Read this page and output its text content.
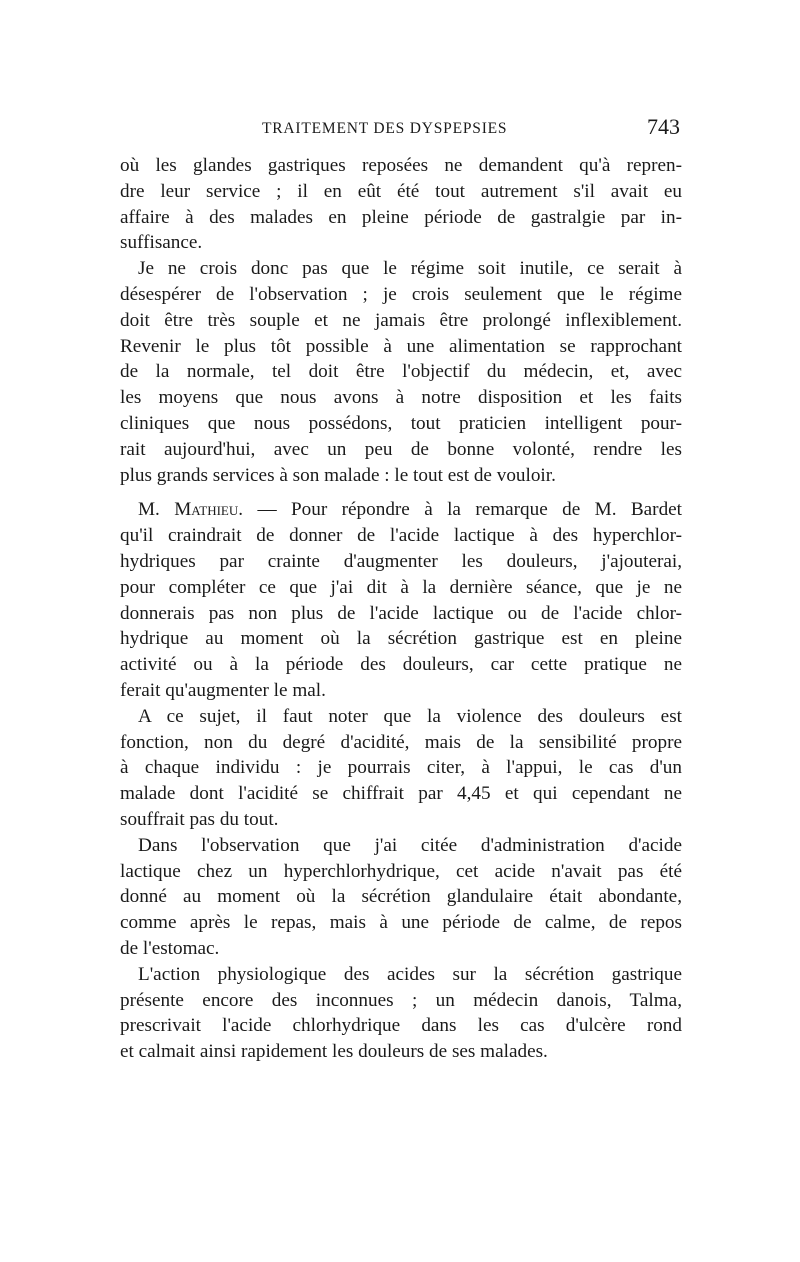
TRAITEMENT DES DYSPEPSIES	743
où les glandes gastriques reposées ne demandent qu'à repren-
dre leur service ; il en eût été tout autrement s'il avait eu
affaire à des malades en pleine période de gastralgie par in-
suffisance.
Je ne crois donc pas que le régime soit inutile, ce serait à
désespérer de l'observation ; je crois seulement que le régime
doit être très souple et ne jamais être prolongé inflexiblement.
Revenir le plus tôt possible à une alimentation se rapprochant
de la normale, tel doit être l'objectif du médecin, et, avec
les moyens que nous avons à notre disposition et les faits
cliniques que nous possédons, tout praticien intelligent pour-
rait aujourd'hui, avec un peu de bonne volonté, rendre les
plus grands services à son malade : le tout est de vouloir.
M. Mathieu. — Pour répondre à la remarque de M. Bardet
qu'il craindrait de donner de l'acide lactique à des hyperchlor-
hydriques par crainte d'augmenter les douleurs, j'ajouterai,
pour compléter ce que j'ai dit à la dernière séance, que je ne
donnerais pas non plus de l'acide lactique ou de l'acide chlor-
hydrique au moment où la sécrétion gastrique est en pleine
activité ou à la période des douleurs, car cette pratique ne
ferait qu'augmenter le mal.
A ce sujet, il faut noter que la violence des douleurs est
fonction, non du degré d'acidité, mais de la sensibilité propre
à chaque individu : je pourrais citer, à l'appui, le cas d'un
malade dont l'acidité se chiffrait par 4,45 et qui cependant ne
souffrait pas du tout.
Dans l'observation que j'ai citée d'administration d'acide
lactique chez un hyperchlorhydrique, cet acide n'avait pas été
donné au moment où la sécrétion glandulaire était abondante,
comme après le repas, mais à une période de calme, de repos
de l'estomac.
L'action physiologique des acides sur la sécrétion gastrique
présente encore des inconnues ; un médecin danois, Talma,
prescrivait l'acide chlorhydrique dans les cas d'ulcère rond
et calmait ainsi rapidement les douleurs de ses malades.
